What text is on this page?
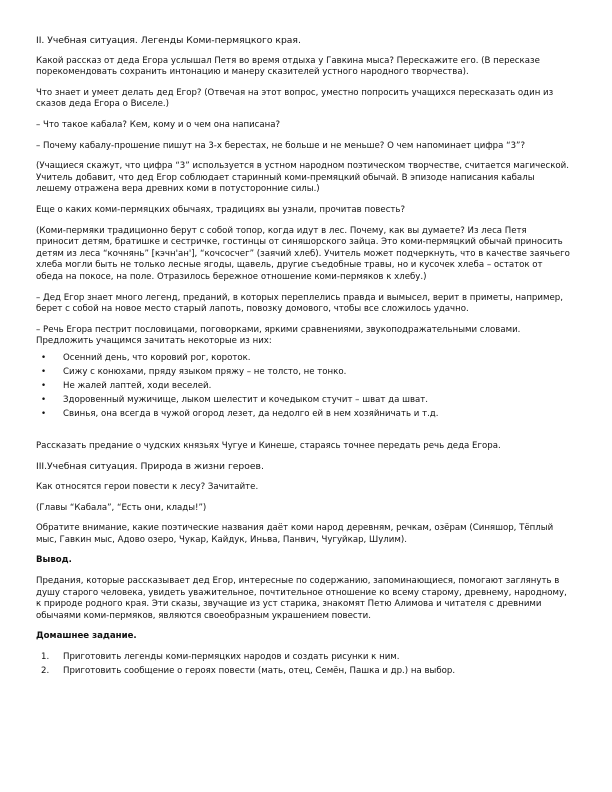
II. Учебная ситуация. Легенды Коми-пермяцкого края.

Какой рассказ от деда Егора услышал Петя во время отдыха у Гавкина мыса? Перескажите его. (В пересказе порекомендовать сохранить интонацию и манеру сказителей устного народного творчества).

Что знает и умеет делать дед Егор? (Отвечая на этот вопрос, уместно попросить учащихся пересказать один из сказов деда Егора о Виселе.)

– Что такое кабала? Кем, кому и о чем она написана?

– Почему кабалу-прошение пишут на 3-х берестах, не больше и не меньше? О чем напоминает цифра “3”?

(Учащиеся скажут, что цифра “3” используется в устном народном поэтическом творчестве, считается магической. Учитель добавит, что дед Егор соблюдает старинный коми-премяцкий обычай. В эпизоде написания кабалы лешему отражена вера древних коми в потусторонние силы.)

Еще о каких коми-пермяцких обычаях, традициях вы узнали, прочитав повесть?

(Коми-пермяки традиционно берут с собой топор, когда идут в лес. Почему, как вы думаете? Из леса Петя приносит детям, братишке и сестричке, гостинцы от синяшорского зайца. Это коми-пермяцкий обычай приносить детям из леса “кочнянь” [кэчн'ан'], “кочсосчег” (заячий хлеб). Учитель может подчеркнуть, что в качестве заячьего хлеба могли быть не только лесные ягоды, щавель, другие съедобные травы, но и кусочек хлеба – остаток от обеда на покосе, на поле. Отразилось бережное отношение коми-пермяков к хлебу.)

– Дед Егор знает много легенд, преданий, в которых переплелись правда и вымысел, верит в приметы, например, берет с собой на новое место старый лапоть, повозку домового, чтобы все сложилось удачно.

– Речь Егора пестрит пословицами, поговорками, яркими сравнениями, звукоподражательными словами. Предложить учащимся зачитать некоторые из них:

• Осенний день, что коровий рог, короток.
• Сижу с конюхами, пряду языком пряжу – не толсто, не тонко.
• Не жалей лаптей, ходи веселей.
• Здоровенный мужичище, лыком шелестит и кочедыком стучит – шват да шват.
• Свинья, она всегда в чужой огород лезет, да недолго ей в нем хозяйничать и т.д.

Рассказать предание о чудских князьях Чугуе и Кинеше, стараясь точнее передать речь деда Егора.

III.Учебная ситуация. Природа в жизни героев.

Как относятся герои повести к лесу? Зачитайте.

(Главы “Кабала”, “Есть они, клады!”)

Обратите внимание, какие поэтические названия даёт коми народ деревням, речкам, озёрам (Синяшор, Тёплый мыс, Гавкин мыс, Адово озеро, Чукар, Кайдук, Иньва, Панвич, Чугуйкар, Шулим).

Вывод.

Предания, которые рассказывает дед Егор, интересные по содержанию, запоминающиеся, помогают заглянуть в душу старого человека, увидеть уважительное, почтительное отношение ко всему старому, древнему, народному, к природе родного края. Эти сказы, звучащие из уст старика, знакомят Петю Алимова и читателя с древними обычаями коми-пермяков, являются своеобразным украшением повести.

Домашнее задание.

1. Приготовить легенды коми-пермяцких народов и создать рисунки к ним.
2. Приготовить сообщение о героях повести (мать, отец, Семён, Пашка и др.) на выбор.
